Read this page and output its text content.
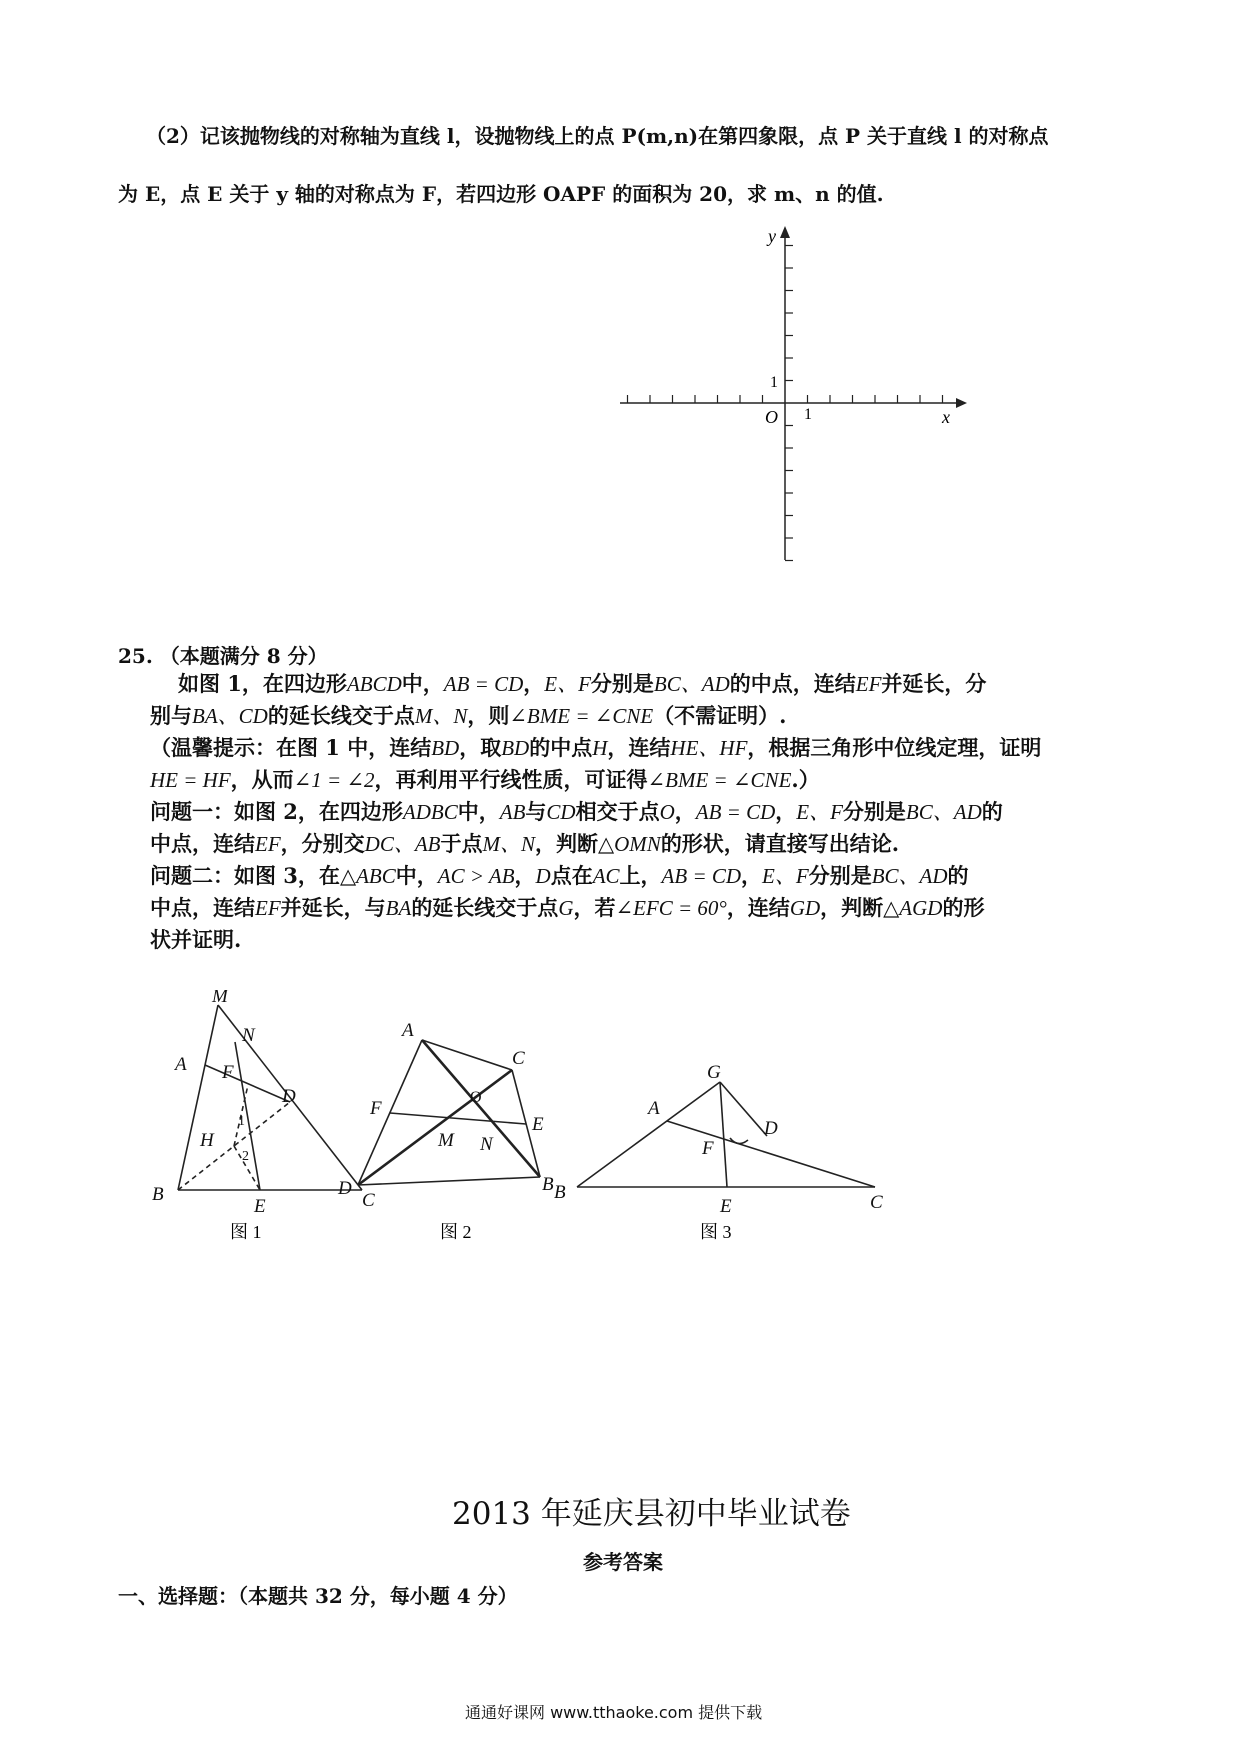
（2）记该抛物线的对称轴为直线 l，设抛物线上的点 P(m,n)在第四象限，点 P 关于直线 l 的对称点
为 E，点 E 关于 y 轴的对称点为 F，若四边形 OAPF 的面积为 20，求 m、n 的值.
y
x
O 1
1
25. （本题满分 8 分）
如图 1，在四边形ABCD中，AB = CD，E、F分别是BC、AD的中点，连结EF并延长，分
别与BA、CD的延长线交于点M、N，则∠BME = ∠CNE（不需证明）.
（温馨提示：在图 1 中，连结BD，取BD的中点H，连结HE、HF，根据三角形中位线定理，证明
HE = HF，从而∠1 = ∠2，再利用平行线性质，可证得∠BME = ∠CNE.）
问题一：如图 2，在四边形ADBC中，AB与CD相交于点O，AB = CD，E、F分别是BC、AD的
中点，连结EF，分别交DC、AB于点M、N，判断△OMN的形状，请直接写出结论.
问题二：如图 3，在△ABC中，AC > AB，D点在AC上，AB = CD，E、F分别是BC、AD的
中点，连结EF并延长，与BA的延长线交于点G，若∠EFC = 60°，连结GD，判断△AGD的形
状并证明.
M
N
A F
D
H
1
2
B
E	C
图 1
A
C
F
O
E
M N
D	B
图 2
G
A
D
F
B
E	C
图 3
2013 年延庆县初中毕业试卷
参考答案
一、选择题：（本题共 32 分，每小题 4 分）
通通好课网 www.tthaoke.com 提供下载
